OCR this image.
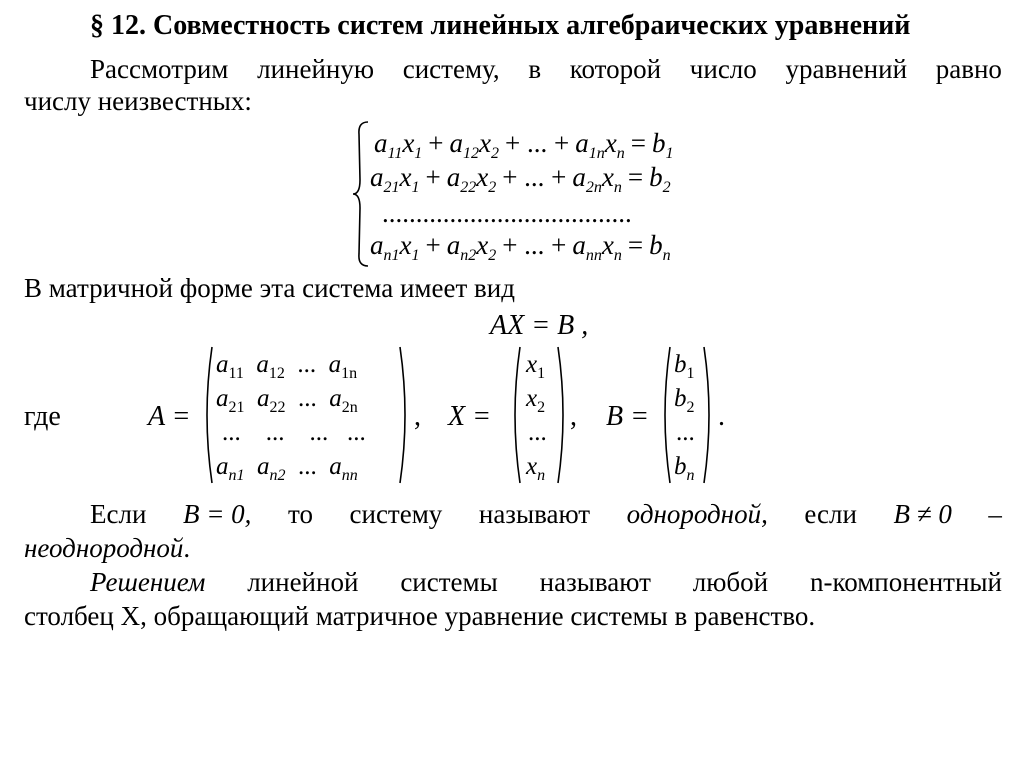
§ 12. Совместность систем линейных алгебраических уравнений
Рассмотрим линейную систему, в которой число уравнений равно
числу неизвестных:
$a_{11}x_1 + a_{12}x_2$ + ... + $a_{1n}x_n = b_1$
$a_{21}x_1 + a_{22}x_2$ + ... + $a_{2n}x_n = b_2$
.....................................
$a_{n1}x_1 + a_{n2}x_2$ + ... + $a_{nn}x_n = b_n$
В матричной форме эта система имеет вид
AX = B ,
где	A =
$a_{11}$  $a_{12}$ ...  $a_{1n}$
$a_{21}$  $a_{22}$ ...  $a_{2n}$
...    ...    ...   ...
$a_{n1}$  $a_{n2}$ ...  $a_{nn}$
, X =
$x_1$
$x_2$
...
$x_n$
, B =
$b_1$
$b_2$
...
$b_n$
.
Если B = 0, то систему называют однородной, если B ≠ 0 –
неоднородной.
Решением линейной системы называют любой n-компонентный
столбец X, обращающий матричное уравнение системы в равенство.
